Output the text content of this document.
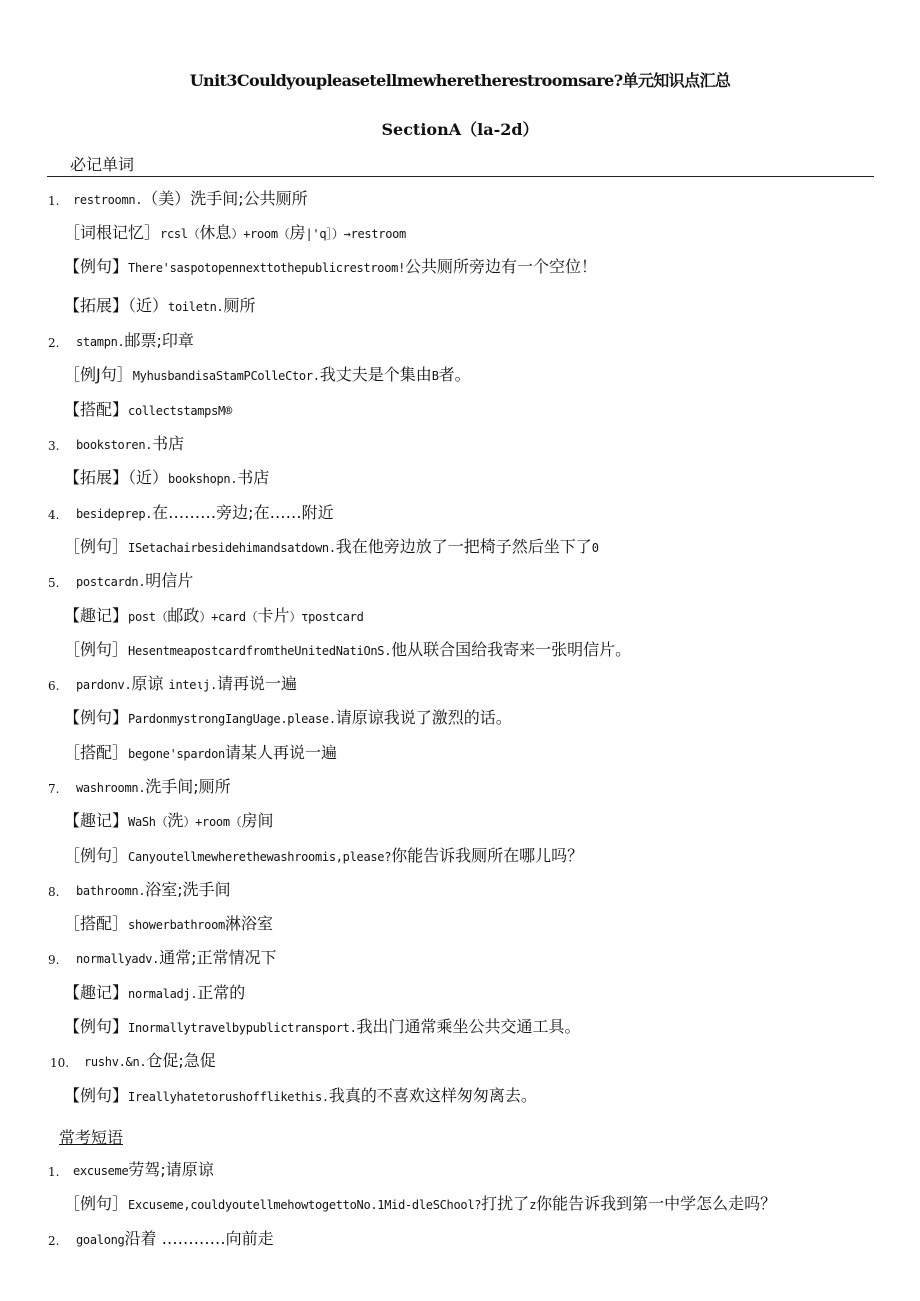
Unit3Couldyoupleasetellmewheretherestroomsare?单元知识点汇总
SectionA（la-2d）
必记单词
1. restroomn.（美）洗手间;公共厕所
［词根记忆］rcsl（休息）+room（房|'q］）→restroom
【例句】There'saspotopennexttothepublicrestroom!公共厕所旁边有一个空位！
【拓展】（近）toiletn.厕所
2. stampn.邮票;印章
［例J句］MyhusbandisaStamPColleCtor.我丈夫是个集由B者。
【搭配】collectstampsM®
3. bookstoren.书店
【拓展】（近）bookshopn.书店
4. besideprep.在………旁边;在……附近
［例句］ISetachairbesidehimandsatdown.我在他旁边放了一把椅子然后坐下了0
5. postcardn.明信片
【趣记】post（邮政）+card（卡片）τpostcard
［例句］HesentmeapostcardfromtheUnitedNatiOnS.他从联合国给我寄来一张明信片。
6. pardonv.原谅 inteιj.请再说一遍
【例句】PardonmystrongIangUage.please.请原谅我说了激烈的话。
［搭配］begone'spardon请某人再说一遍
7. washroomn.洗手间;厕所
【趣记】WaSh（洗）+room（房间
［例句］Canyoutellmewherethewashroomis,please?你能告诉我厕所在哪儿吗？
8. bathroomn.浴室;洗手间
［搭配］showerbathroom淋浴室
9. normallyadv.通常;正常情况下
【趣记】normaladj.正常的
【例句】Inormallytravelbypublictransport.我出门通常乘坐公共交通工具。
10. rushv.&n.仓促;急促
【例句】Ireallyhatetorushofflikethis.我真的不喜欢这样匆匆离去。
常考短语
1. excuseme劳驾;请原谅
［例句］Excuseme,couldyoutellmehowtogettoNo.1Mid-dleSChool?打扰了z你能告诉我到第一中学怎么走吗？
2. goalong沿着 …………向前走
